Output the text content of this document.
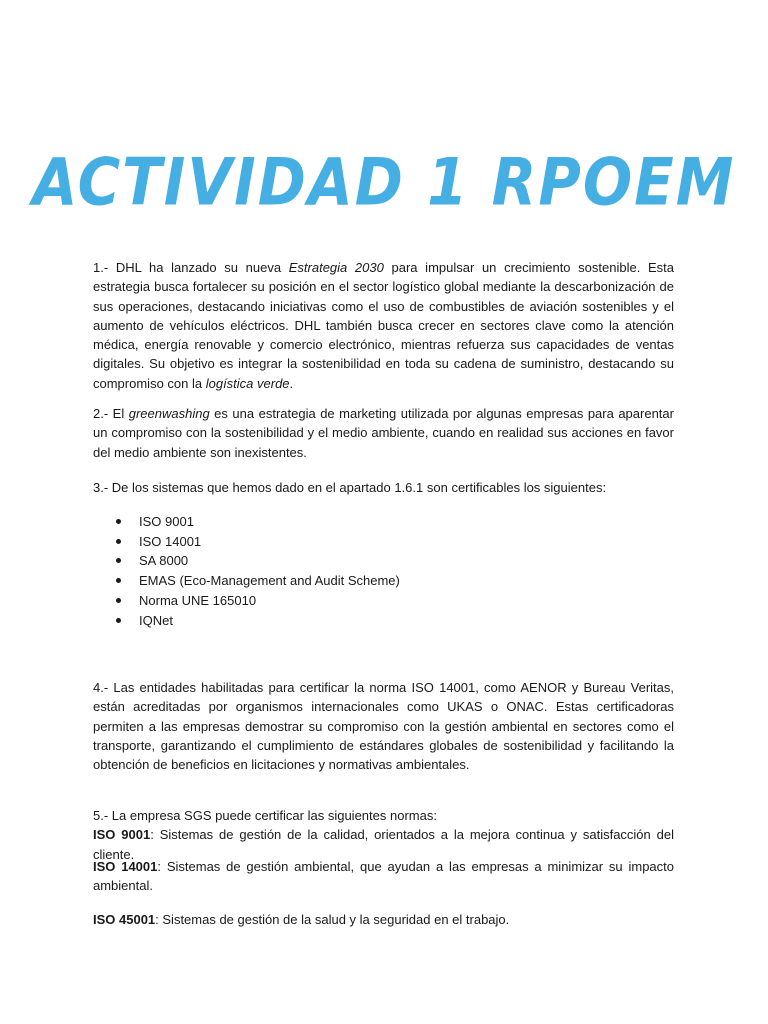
ACTIVIDAD 1 RPOEM

1.- DHL ha lanzado su nueva Estrategia 2030 para impulsar un crecimiento sostenible. Esta estrategia busca fortalecer su posición en el sector logístico global mediante la descarbonización de sus operaciones, destacando iniciativas como el uso de combustibles de aviación sostenibles y el aumento de vehículos eléctricos. DHL también busca crecer en sectores clave como la atención médica, energía renovable y comercio electrónico, mientras refuerza sus capacidades de ventas digitales. Su objetivo es integrar la sostenibilidad en toda su cadena de suministro, destacando su compromiso con la logística verde.

2.- El greenwashing es una estrategia de marketing utilizada por algunas empresas para aparentar un compromiso con la sostenibilidad y el medio ambiente, cuando en realidad sus acciones en favor del medio ambiente son inexistentes.

3.- De los sistemas que hemos dado en el apartado 1.6.1 son certificables los siguientes:

ISO 9001
ISO 14001
SA 8000
EMAS (Eco-Management and Audit Scheme)
Norma UNE 165010
IQNet

4.- Las entidades habilitadas para certificar la norma ISO 14001, como AENOR y Bureau Veritas, están acreditadas por organismos internacionales como UKAS o ONAC. Estas certificadoras permiten a las empresas demostrar su compromiso con la gestión ambiental en sectores como el transporte, garantizando el cumplimiento de estándares globales de sostenibilidad y facilitando la obtención de beneficios en licitaciones y normativas ambientales.

5.- La empresa SGS puede certificar las siguientes normas:
ISO 9001: Sistemas de gestión de la calidad, orientados a la mejora continua y satisfacción del cliente.

ISO 14001: Sistemas de gestión ambiental, que ayudan a las empresas a minimizar su impacto ambiental.

ISO 45001: Sistemas de gestión de la salud y la seguridad en el trabajo.
